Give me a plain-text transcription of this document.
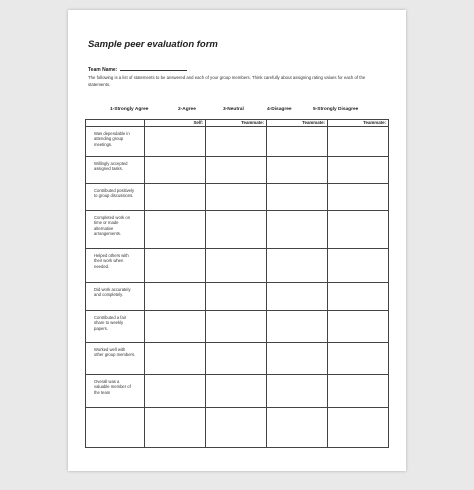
Sample peer evaluation form
Team Name:
The following is a list of statements to be answered and each of your group members. Think carefully about assigning rating values for each of the statements.
1-Strongly Agree	2-Agree	3-Neutral	4-Disagree	5-Strongly Disagree
	Self:	Teammate:	Teammate:	Teammate:
Was dependable in attending group meetings.				
Willingly accepted assigned tasks.				
Contributed positively to group discussions.				
Completed work on time or made alternative arrangements.				
Helped others with their work when needed.				
Did work accurately and completely.				
Contributed a fair share to weekly papers.				
Worked well with other group members.				
Overall was a valuable member of the team				
